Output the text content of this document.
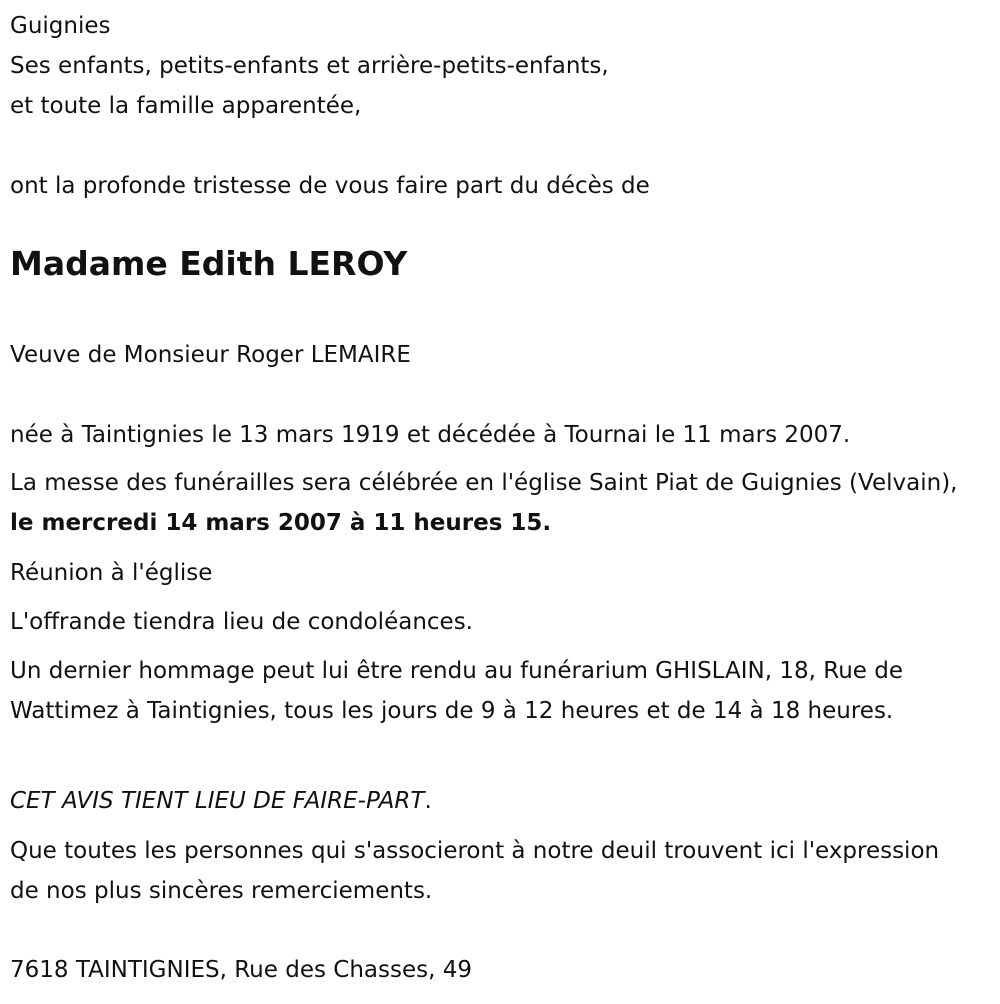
Guignies
Ses enfants, petits-enfants et arrière-petits-enfants,
et toute la famille apparentée,
ont la profonde tristesse de vous faire part du décès de
Madame Edith LEROY
Veuve de Monsieur Roger LEMAIRE
née à Taintignies le 13 mars 1919 et décédée à Tournai le 11 mars 2007.
La messe des funérailles sera célébrée en l'église Saint Piat de Guignies (Velvain), le mercredi 14 mars 2007 à 11 heures 15.
Réunion à l'église
L'offrande tiendra lieu de condoléances.
Un dernier hommage peut lui être rendu au funérarium GHISLAIN, 18, Rue de Wattimez à Taintignies, tous les jours de 9 à 12 heures et de 14 à 18 heures.
CET AVIS TIENT LIEU DE FAIRE-PART.
Que toutes les personnes qui s'associeront à notre deuil trouvent ici l'expression de nos plus sincères remerciements.
7618 TAINTIGNIES, Rue des Chasses, 49
